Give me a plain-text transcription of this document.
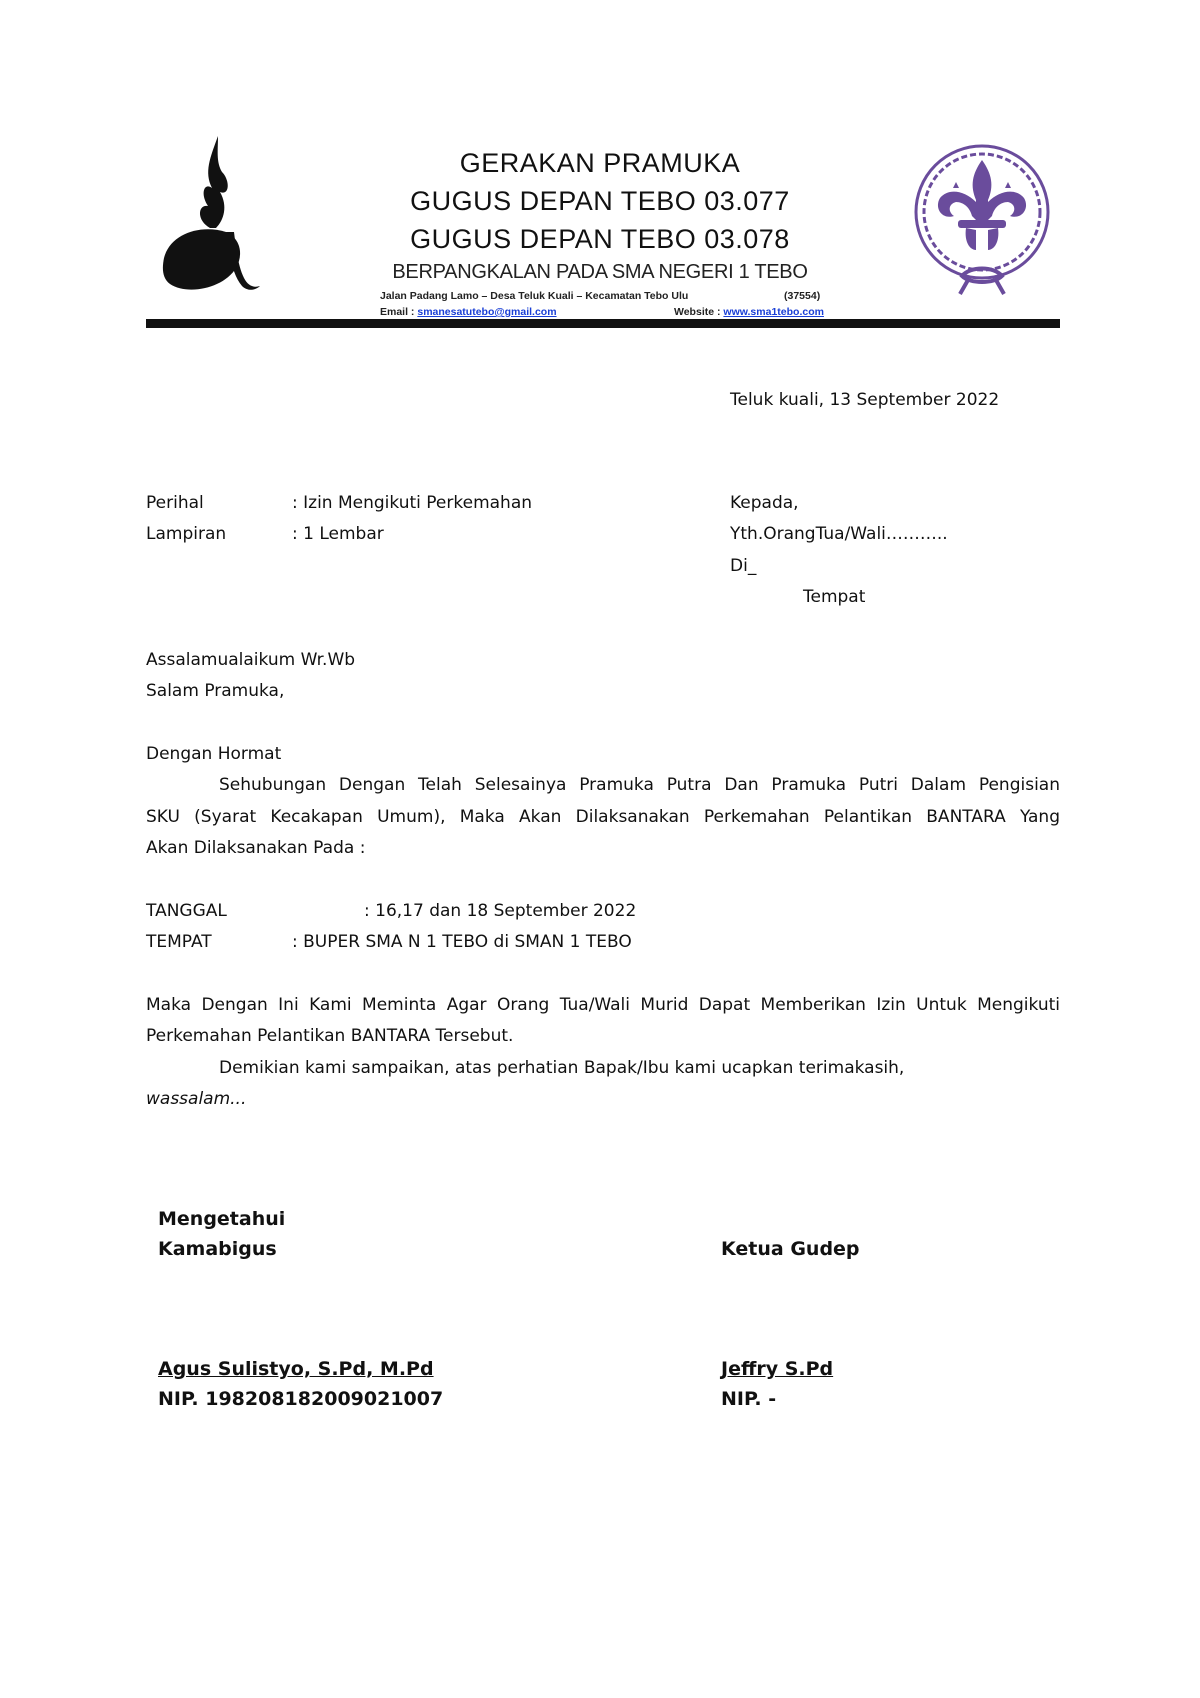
GERAKAN PRAMUKA
GUGUS DEPAN TEBO 03.077
GUGUS DEPAN TEBO 03.078
BERPANGKALAN PADA SMA NEGERI 1 TEBO
Jalan Padang Lamo – Desa Teluk Kuali – Kecamatan Tebo Ulu	(37554)
Email : smanesatutebo@gmail.com	Website : www.sma1tebo.com
Teluk kuali, 13 September 2022
Perihal	: Izin Mengikuti Perkemahan
Lampiran	: 1 Lembar
Kepada,
Yth.OrangTua/Wali………..
Di_
Tempat
Assalamualaikum Wr.Wb
Salam Pramuka,
Dengan Hormat
Sehubungan Dengan Telah Selesainya Pramuka Putra Dan Pramuka Putri Dalam Pengisian
SKU (Syarat Kecakapan Umum), Maka Akan Dilaksanakan Perkemahan Pelantikan BANTARA Yang
Akan Dilaksanakan Pada :
TANGGAL	: 16,17 dan 18 September 2022
TEMPAT	: BUPER SMA N 1 TEBO di SMAN 1 TEBO
Maka Dengan Ini Kami Meminta Agar Orang Tua/Wali Murid Dapat Memberikan Izin Untuk Mengikuti
Perkemahan Pelantikan BANTARA Tersebut.
Demikian kami sampaikan, atas perhatian Bapak/Ibu kami ucapkan terimakasih,
wassalam...
Mengetahui
Kamabigus	Ketua Gudep
Agus Sulistyo, S.Pd, M.Pd
NIP. 198208182009021007
Jeffry S.Pd
NIP. -
